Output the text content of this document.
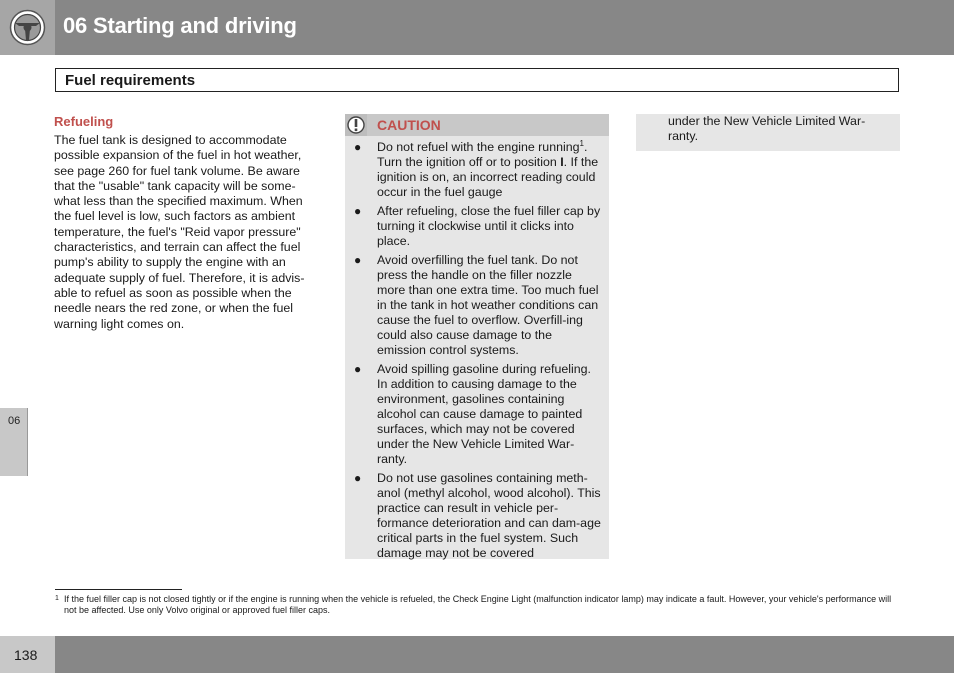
06 Starting and driving
Fuel requirements

Refueling

The fuel tank is designed to accommodate possible expansion of the fuel in hot weather, see page 260 for fuel tank volume. Be aware that the "usable" tank capacity will be some-what less than the specified maximum. When the fuel level is low, such factors as ambient temperature, the fuel's "Reid vapor pressure" characteristics, and terrain can affect the fuel pump's ability to supply the engine with an adequate supply of fuel. Therefore, it is advis-able to refuel as soon as possible when the needle nears the red zone, or when the fuel warning light comes on.

CAUTION
● Do not refuel with the engine running$^1$. Turn the ignition off or to position I. If the ignition is on, an incorrect reading could occur in the fuel gauge
● After refueling, close the fuel filler cap by turning it clockwise until it clicks into place.
● Avoid overfilling the fuel tank. Do not press the handle on the filler nozzle more than one extra time. Too much fuel in the tank in hot weather conditions can cause the fuel to overflow. Overfill-ing could also cause damage to the emission control systems.
● Avoid spilling gasoline during refueling. In addition to causing damage to the environment, gasolines containing alcohol can cause damage to painted surfaces, which may not be covered under the New Vehicle Limited War-ranty.
● Do not use gasolines containing meth-anol (methyl alcohol, wood alcohol). This practice can result in vehicle per-formance deterioration and can dam-age critical parts in the fuel system. Such damage may not be covered
under the New Vehicle Limited War-ranty.
06
1 If the fuel filler cap is not closed tightly or if the engine is running when the vehicle is refueled, the Check Engine Light (malfunction indicator lamp) may indicate a fault. However, your vehicle's performance will not be affected. Use only Volvo original or approved fuel filler caps.
138
